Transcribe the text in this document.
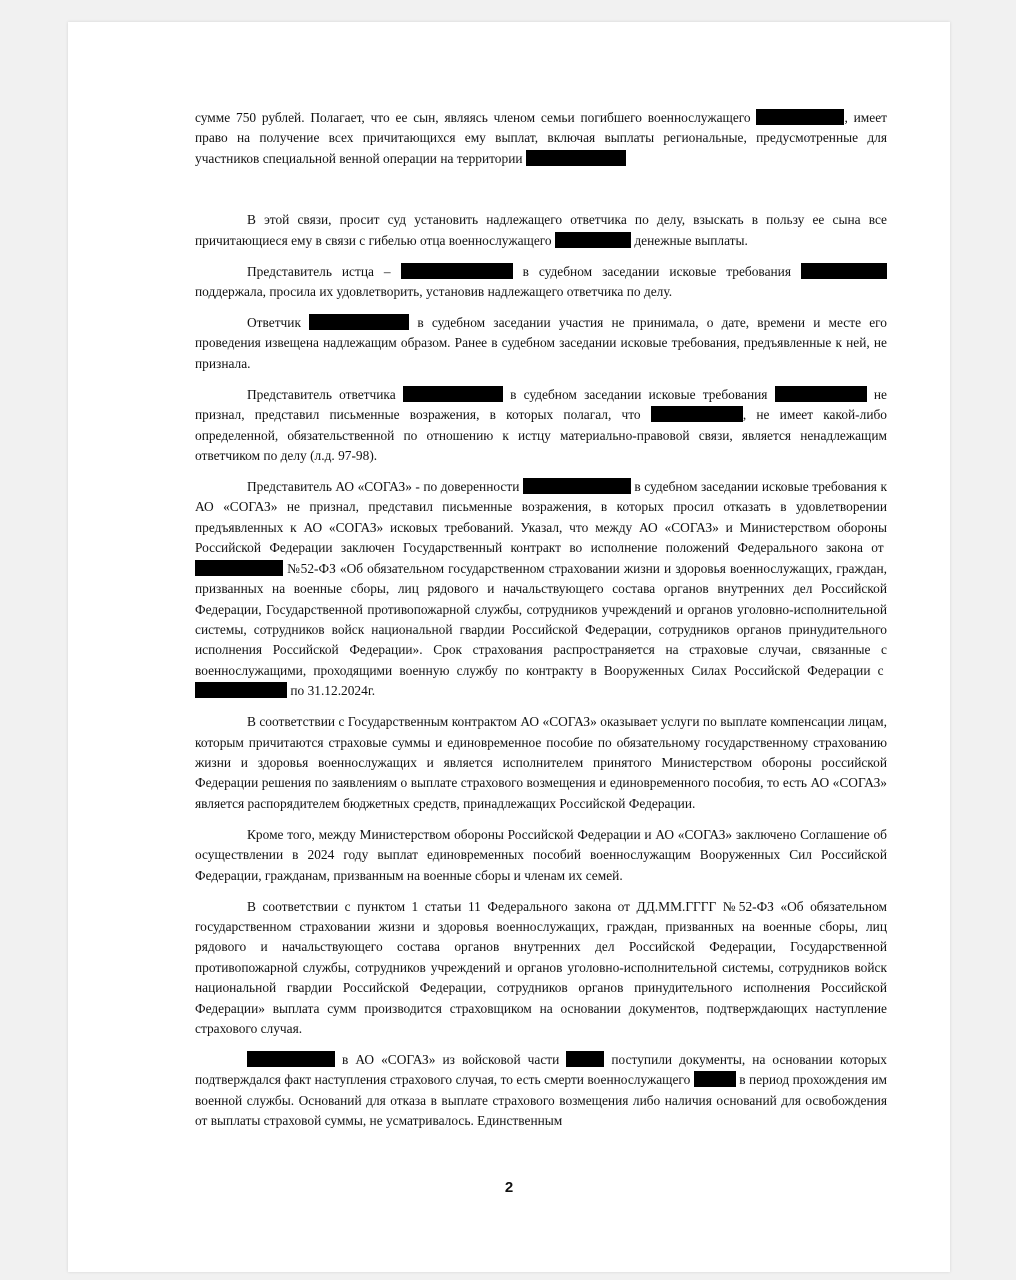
сумме 750 рублей. Полагает, что ее сын, являясь членом семьи погибшего военнослужащего	, имеет право на получение всех причитающихся ему выплат, включая выплаты региональные, предусмотренные для участников специальной венной операции на территории

В этой связи, просит суд установить надлежащего ответчика по делу, взыскать в пользу ее сына все причитающиеся ему в связи с гибелью отца военнослужащего	денежные выплаты.

Представитель истца –	в судебном заседании исковые требования  поддержала, просила их удовлетворить, установив надлежащего ответчика по делу.

Ответчик	в судебном заседании участия не принимала, о дате, времени и месте его проведения извещена надлежащим образом. Ранее в судебном заседании исковые требования, предъявленные к ней, не признала.

Представитель ответчика	в судебном заседании исковые требования	не признал, представил письменные возражения, в которых полагал, что	, не имеет какой-либо определенной, обязательственной по отношению к истцу материально-правовой связи, является ненадлежащим ответчиком по делу (л.д. 97-98).

Представитель АО «СОГАЗ» - по доверенности	в судебном заседании исковые требования к АО «СОГАЗ» не признал, представил письменные возражения, в которых просил отказать в удовлетворении предъявленных к АО «СОГАЗ» исковых требований. Указал, что между АО «СОГАЗ» и Министерством обороны Российской Федерации заключен Государственный контракт во исполнение положений Федерального закона от  №52-ФЗ «Об обязательном государственном страховании жизни и здоровья военнослужащих, граждан, призванных на военные сборы, лиц рядового и начальствующего состава органов внутренних дел Российской Федерации, Государственной противопожарной службы, сотрудников учреждений и органов уголовно-исполнительной системы, сотрудников войск национальной гвардии Российской Федерации, сотрудников органов принудительного исполнения Российской Федерации». Срок страхования распространяется на страховые случаи, связанные с военнослужащими, проходящими военную службу по контракту в Вооруженных Силах Российской Федерации с  по 31.12.2024г.

В соответствии с Государственным контрактом АО «СОГАЗ» оказывает услуги по выплате компенсации лицам, которым причитаются страховые суммы и единовременное пособие по обязательному государственному страхованию жизни и здоровья военнослужащих и является исполнителем принятого Министерством обороны российской Федерации решения по заявлениям о выплате страхового возмещения и единовременного пособия, то есть АО «СОГАЗ» является распорядителем бюджетных средств, принадлежащих Российской Федерации.

Кроме того, между Министерством обороны Российской Федерации и АО «СОГАЗ» заключено Соглашение об осуществлении в 2024 году выплат единовременных пособий военнослужащим Вооруженных Сил Российской Федерации, гражданам, призванным на военные сборы и членам их семей.

В соответствии с пунктом 1 статьи 11 Федерального закона от ДД.ММ.ГГГГ №52-ФЗ «Об обязательном государственном страховании жизни и здоровья военнослужащих, граждан, призванных на военные сборы, лиц рядового и начальствующего состава органов внутренних дел Российской Федерации, Государственной противопожарной службы, сотрудников учреждений и органов уголовно-исполнительной системы, сотрудников войск национальной гвардии Российской Федерации, сотрудников органов принудительного исполнения Российской Федерации» выплата сумм производится страховщиком на основании документов, подтверждающих наступление страхового случая.

в АО «СОГАЗ» из войсковой части	поступили документы, на основании которых подтверждался факт наступления страхового случая, то есть смерти военнослужащего	в период прохождения им военной службы. Оснований для отказа в выплате страхового возмещения либо наличия оснований для освобождения от выплаты страховой суммы, не усматривалось. Единственным

2
